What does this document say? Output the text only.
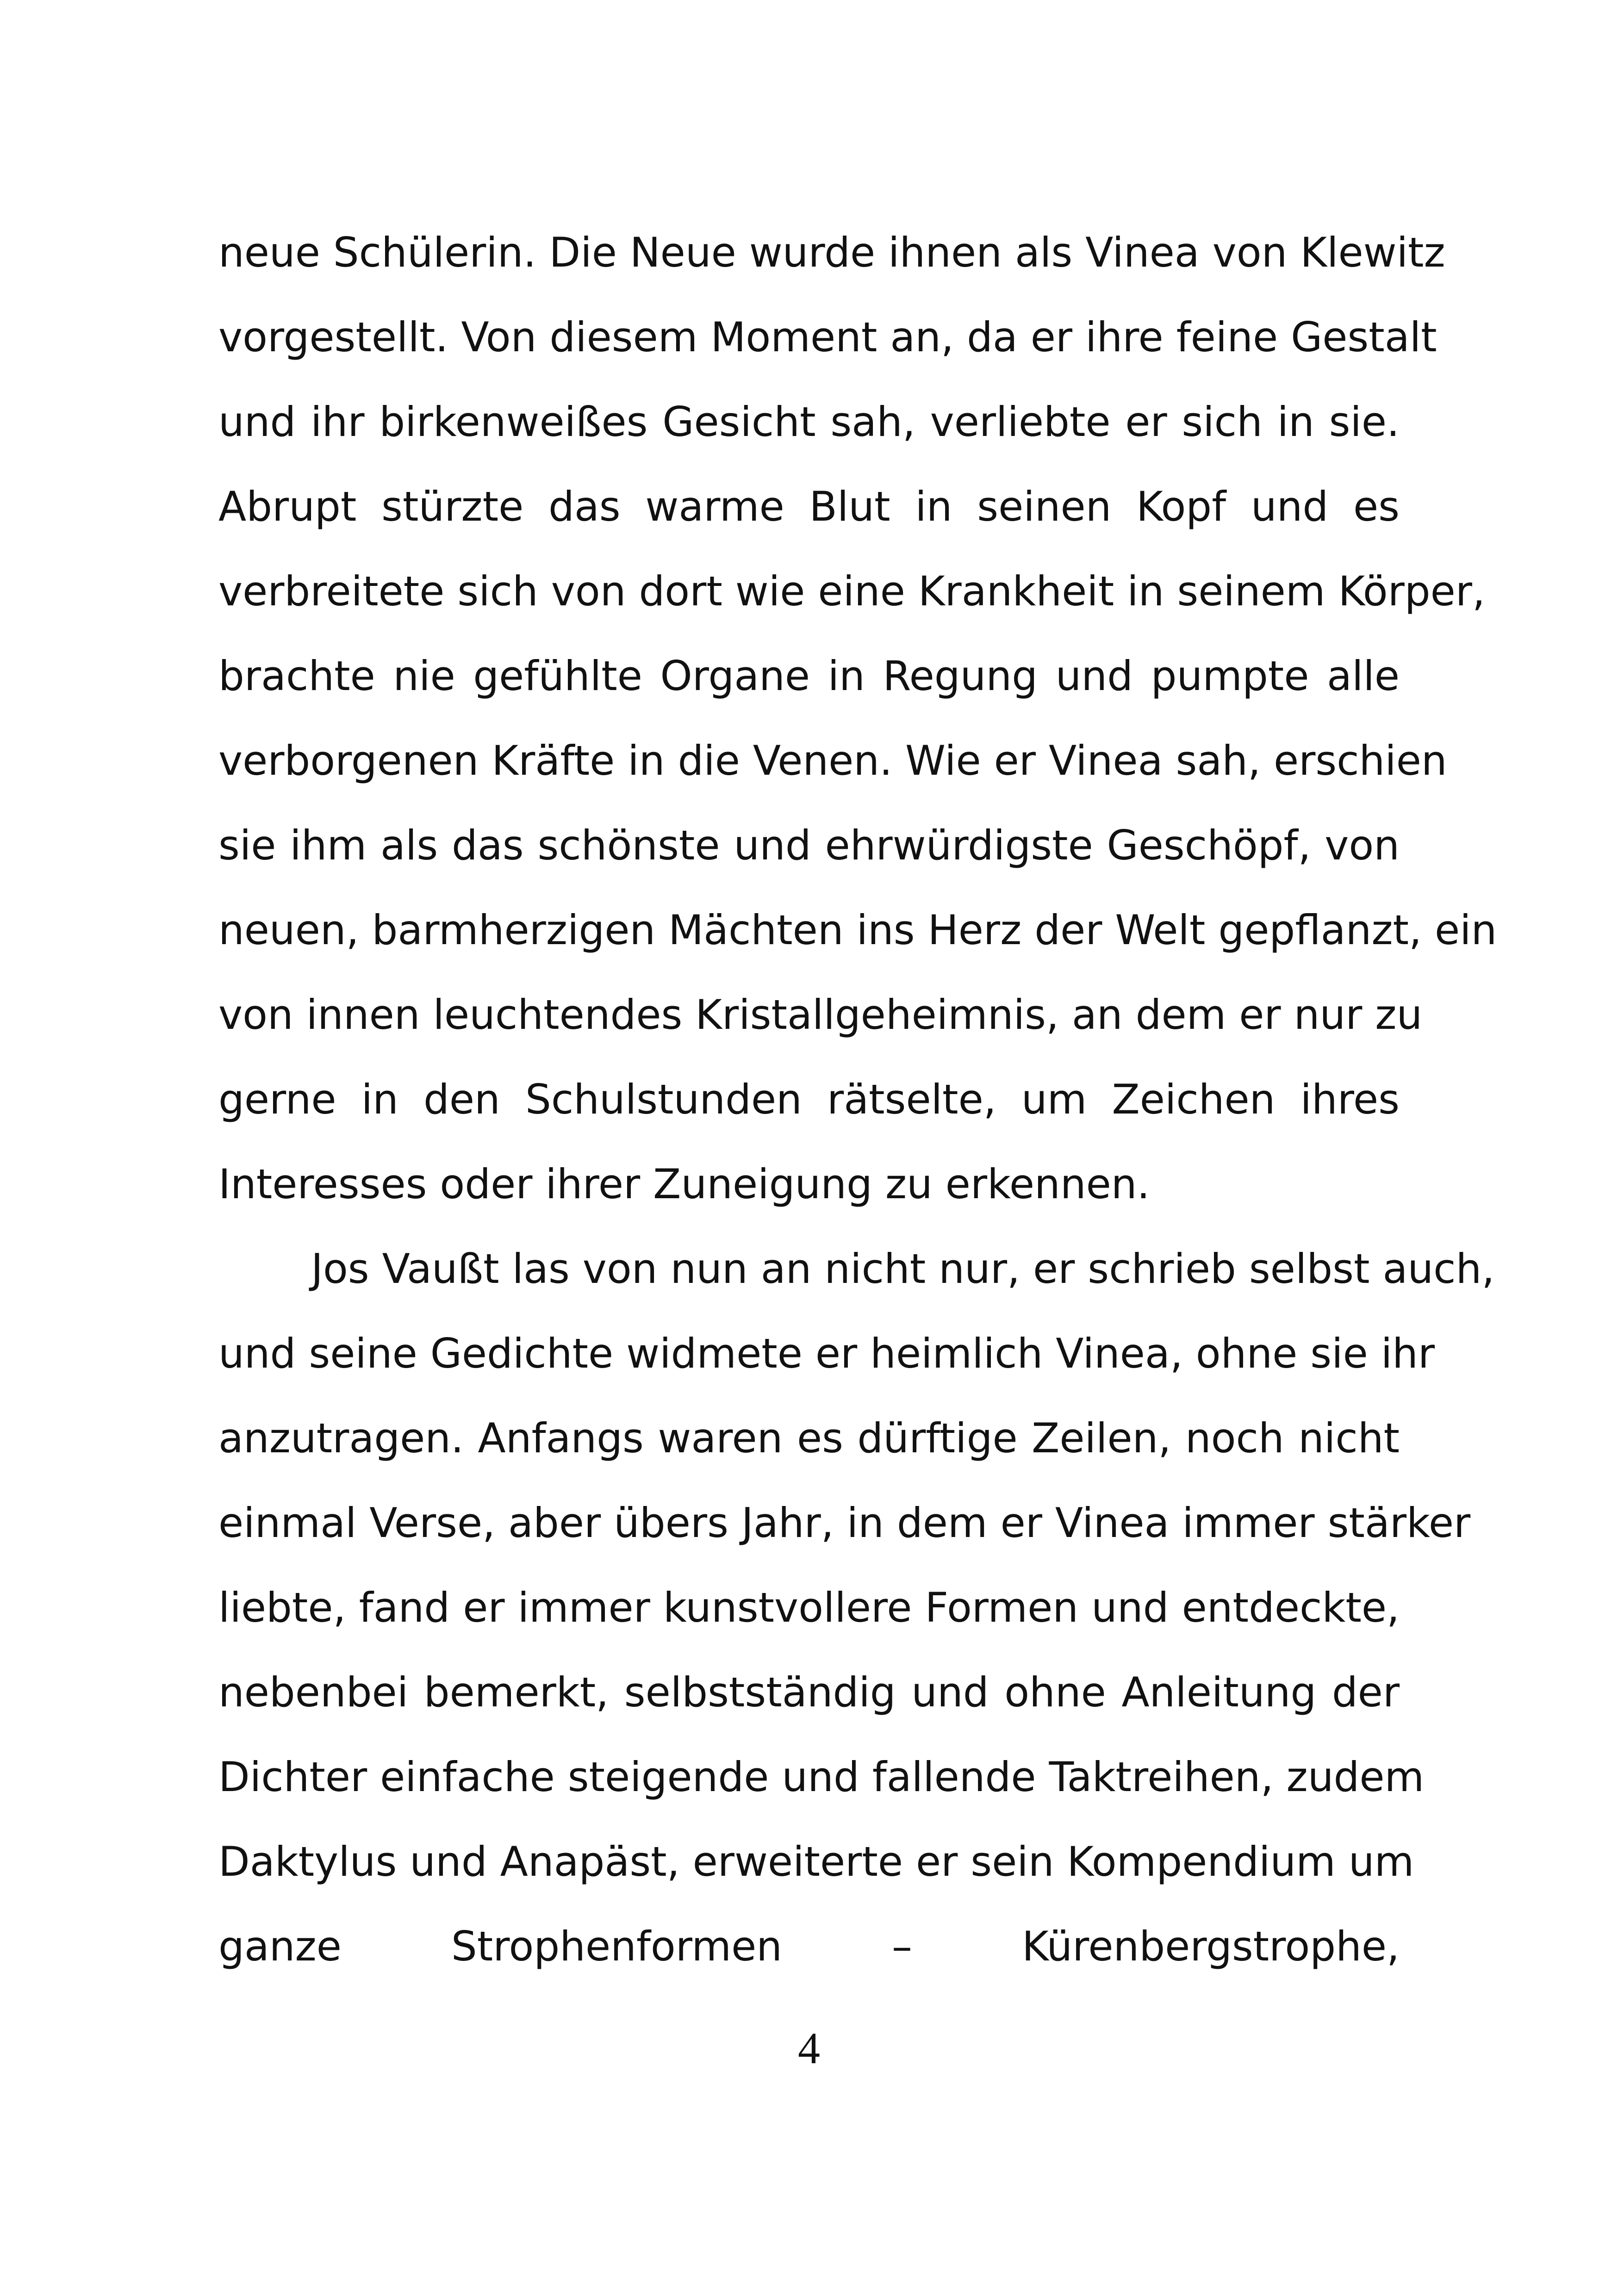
neue Schülerin. Die Neue wurde ihnen als Vinea von Klewitz
vorgestellt. Von diesem Moment an, da er ihre feine Gestalt
und ihr birkenweißes Gesicht sah, verliebte er sich in sie.
Abrupt stürzte das warme Blut in seinen Kopf und es
verbreitete sich von dort wie eine Krankheit in seinem Körper,
brachte nie gefühlte Organe in Regung und pumpte alle
verborgenen Kräfte in die Venen. Wie er Vinea sah, erschien
sie ihm als das schönste und ehrwürdigste Geschöpf, von
neuen, barmherzigen Mächten ins Herz der Welt gepflanzt, ein
von innen leuchtendes Kristallgeheimnis, an dem er nur zu
gerne in den Schulstunden rätselte, um Zeichen ihres
Interesses oder ihrer Zuneigung zu erkennen.
Jos Vaußt las von nun an nicht nur, er schrieb selbst auch,
und seine Gedichte widmete er heimlich Vinea, ohne sie ihr
anzutragen. Anfangs waren es dürftige Zeilen, noch nicht
einmal Verse, aber übers Jahr, in dem er Vinea immer stärker
liebte, fand er immer kunstvollere Formen und entdeckte,
nebenbei bemerkt, selbstständig und ohne Anleitung der
Dichter einfache steigende und fallende Taktreihen, zudem
Daktylus und Anapäst, erweiterte er sein Kompendium um
ganze Strophenformen – Kürenbergstrophe,
4
